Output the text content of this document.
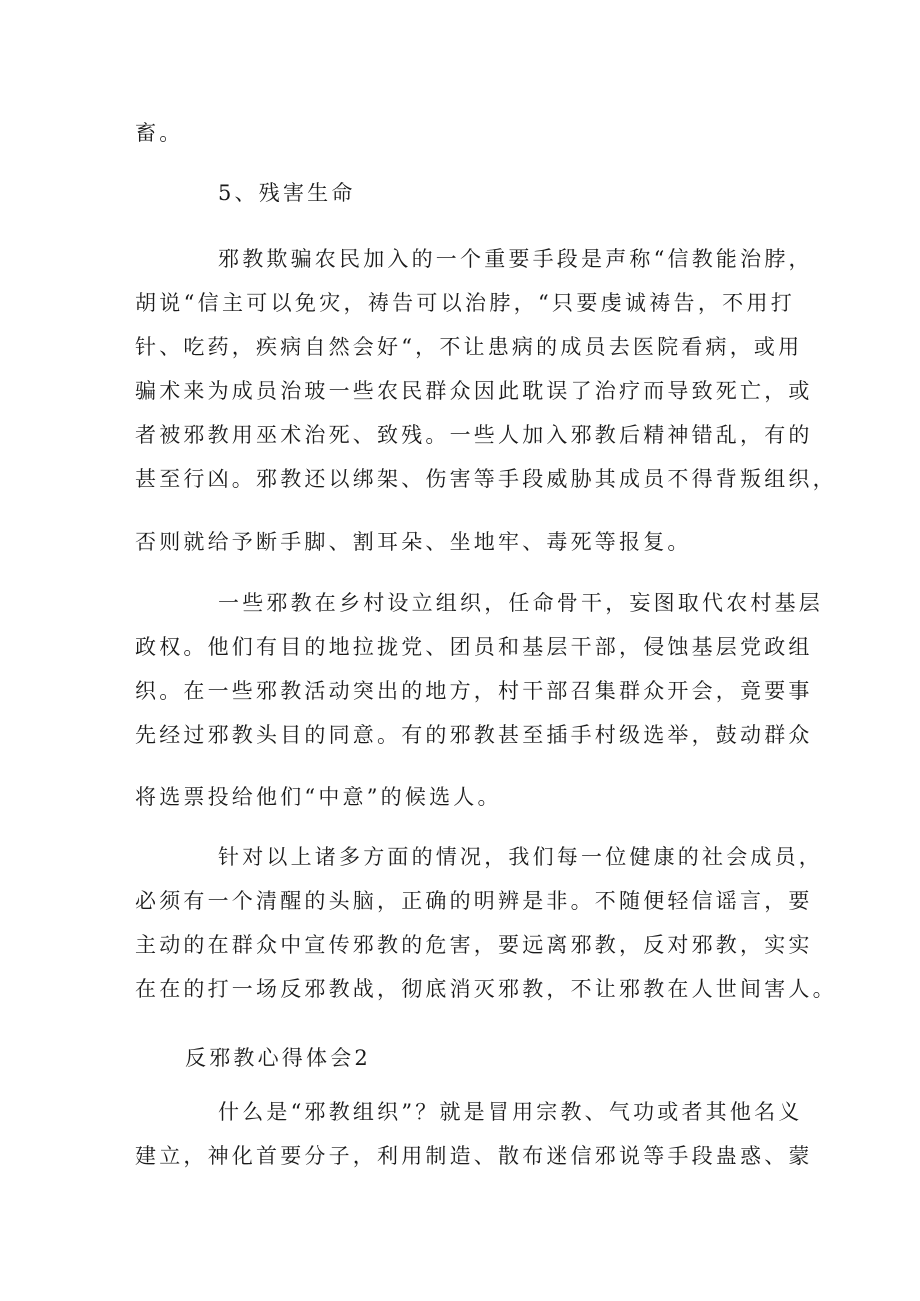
畜。
5、残害生命
邪教欺骗农民加入的一个重要手段是声称“信教能治脖，
胡说“信主可以免灾，祷告可以治脖，“只要虔诚祷告，不用打
针、吃药，疾病自然会好“，不让患病的成员去医院看病，或用
骗术来为成员治玻一些农民群众因此耽误了治疗而导致死亡，或
者被邪教用巫术治死、致残。一些人加入邪教后精神错乱，有的
甚至行凶。邪教还以绑架、伤害等手段威胁其成员不得背叛组织，
否则就给予断手脚、割耳朵、坐地牢、毒死等报复。
一些邪教在乡村设立组织，任命骨干，妄图取代农村基层
政权。他们有目的地拉拢党、团员和基层干部，侵蚀基层党政组
织。在一些邪教活动突出的地方，村干部召集群众开会，竟要事
先经过邪教头目的同意。有的邪教甚至插手村级选举，鼓动群众
将选票投给他们“中意”的候选人。
针对以上诸多方面的情况，我们每一位健康的社会成员，
必须有一个清醒的头脑，正确的明辨是非。不随便轻信谣言，要
主动的在群众中宣传邪教的危害，要远离邪教，反对邪教，实实
在在的打一场反邪教战，彻底消灭邪教，不让邪教在人世间害人。
反邪教心得体会2
什么是“邪教组织”？就是冒用宗教、气功或者其他名义
建立，神化首要分子，利用制造、散布迷信邪说等手段蛊惑、蒙
